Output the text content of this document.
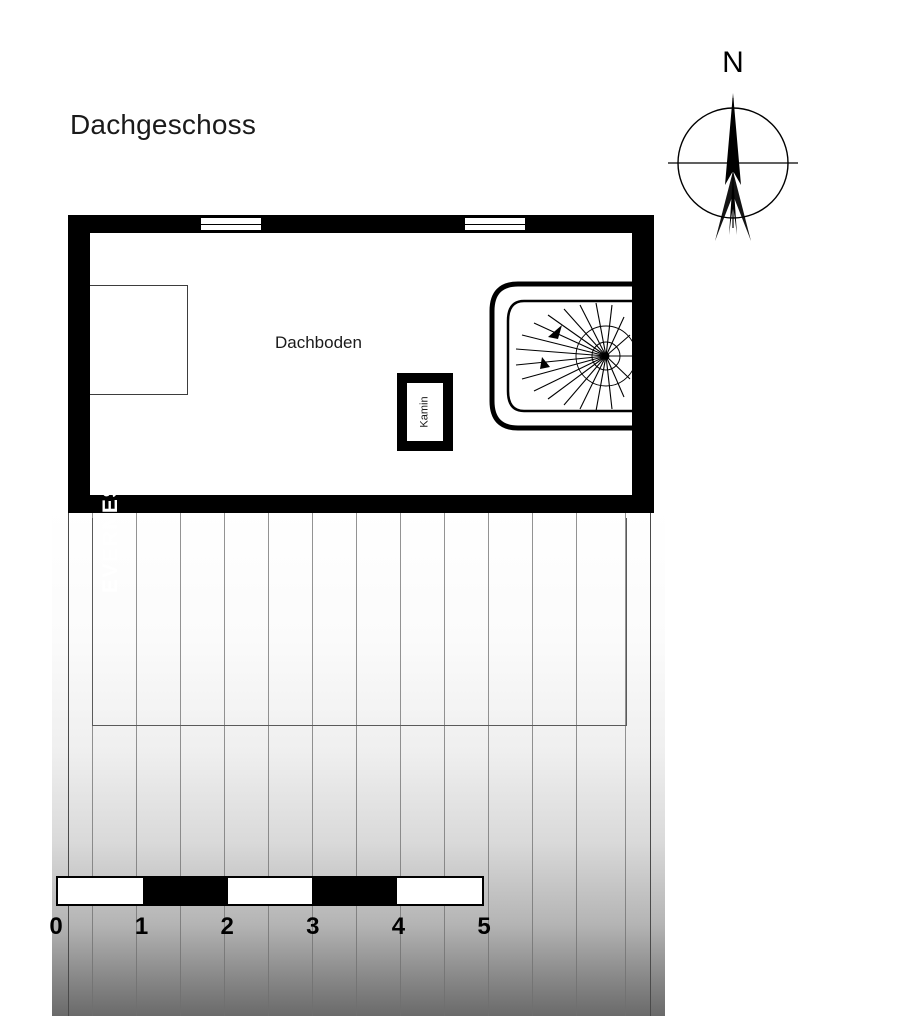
Dachgeschoss
N
Dachboden
Kamin
EVERNEST
0	1	2	3	4	5
